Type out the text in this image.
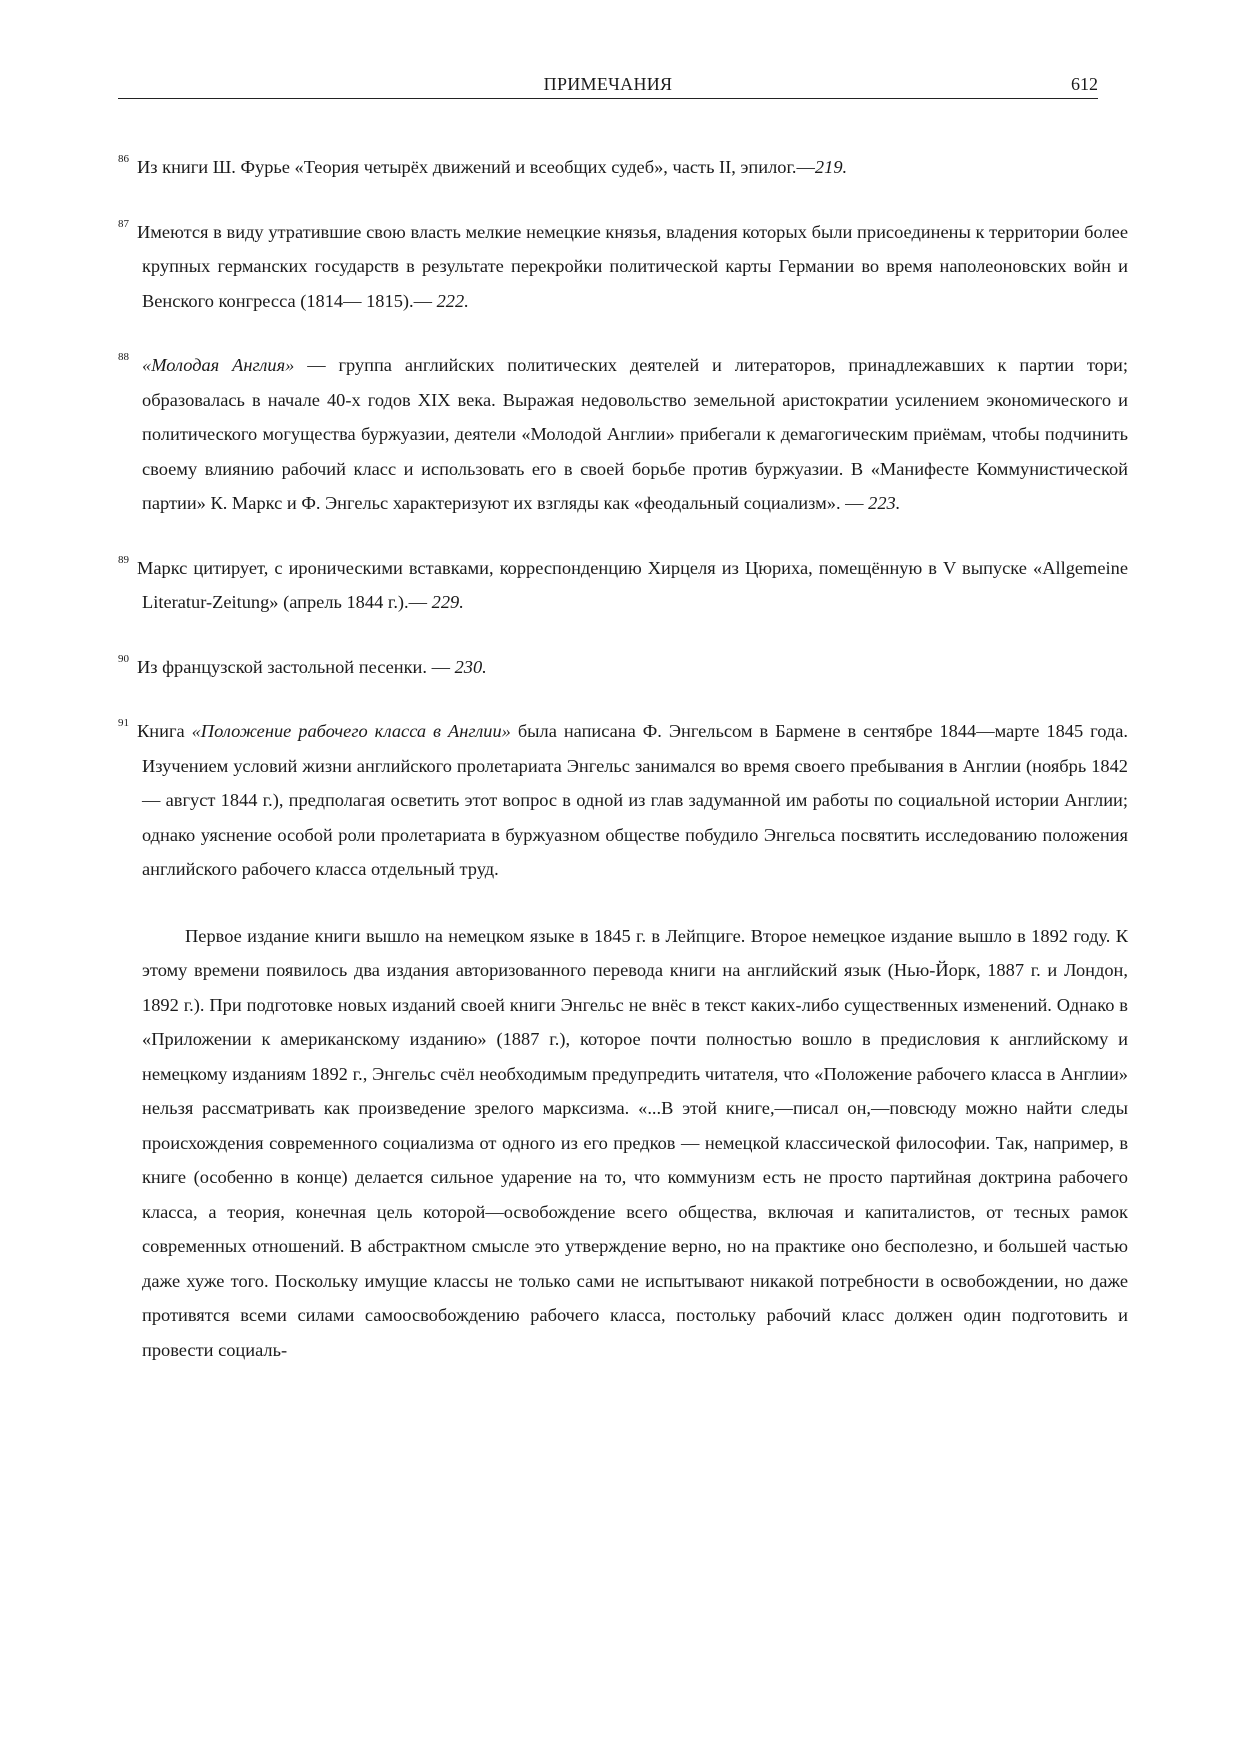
ПРИМЕЧАНИЯ	612
86 Из книги Ш. Фурье «Теория четырёх движений и всеобщих судеб», часть II, эпилог.—219.
87 Имеются в виду утратившие свою власть мелкие немецкие князья, владения которых были присоединены к территории более крупных германских государств в результате перекройки политической карты Германии во время наполеоновских войн и Венского конгресса (1814— 1815).— 222.
88 «Молодая Англия» — группа английских политических деятелей и литераторов, принадлежавших к партии тори; образовалась в начале 40-х годов XIX века. Выражая недовольство земельной аристократии усилением экономического и политического могущества буржуазии, деятели «Молодой Англии» прибегали к демагогическим приёмам, чтобы подчинить своему влиянию рабочий класс и использовать его в своей борьбе против буржуазии. В «Манифесте Коммунистической партии» К. Маркс и Ф. Энгельс характеризуют их взгляды как «феодальный социализм». — 223.
89 Маркс цитирует, с ироническими вставками, корреспонденцию Хирцеля из Цюриха, помещённую в V выпуске «Allgemeine Literatur-Zeitung» (апрель 1844 г.).— 229.
90 Из французской застольной песенки. — 230.
91 Книга «Положение рабочего класса в Англии» была написана Ф. Энгельсом в Бармене в сентябре 1844—марте 1845 года. Изучением условий жизни английского пролетариата Энгельс занимался во время своего пребывания в Англии (ноябрь 1842 — август 1844 г.), предполагая осветить этот вопрос в одной из глав задуманной им работы по социальной истории Англии; однако уяснение особой роли пролетариата в буржуазном обществе побудило Энгельса посвятить исследованию положения английского рабочего класса отдельный труд.
Первое издание книги вышло на немецком языке в 1845 г. в Лейпциге. Второе немецкое издание вышло в 1892 году. К этому времени появилось два издания авторизованного перевода книги на английский язык (Нью-Йорк, 1887 г. и Лондон, 1892 г.). При подготовке новых изданий своей книги Энгельс не внёс в текст каких-либо существенных изменений. Однако в «Приложении к американскому изданию» (1887 г.), которое почти полностью вошло в предисловия к английскому и немецкому изданиям 1892 г., Энгельс счёл необходимым предупредить читателя, что «Положение рабочего класса в Англии» нельзя рассматривать как произведение зрелого марксизма. «...В этой книге,—писал он,—повсюду можно найти следы происхождения современного социализма от одного из его предков — немецкой классической философии. Так, например, в книге (особенно в конце) делается сильное ударение на то, что коммунизм есть не просто партийная доктрина рабочего класса, а теория, конечная цель которой—освобождение всего общества, включая и капиталистов, от тесных рамок современных отношений. В абстрактном смысле это утверждение верно, но на практике оно бесполезно, и большей частью даже хуже того. Поскольку имущие классы не только сами не испытывают никакой потребности в освобождении, но даже противятся всеми силами самоосвобождению рабочего класса, постольку рабочий класс должен один подготовить и провести социаль-
